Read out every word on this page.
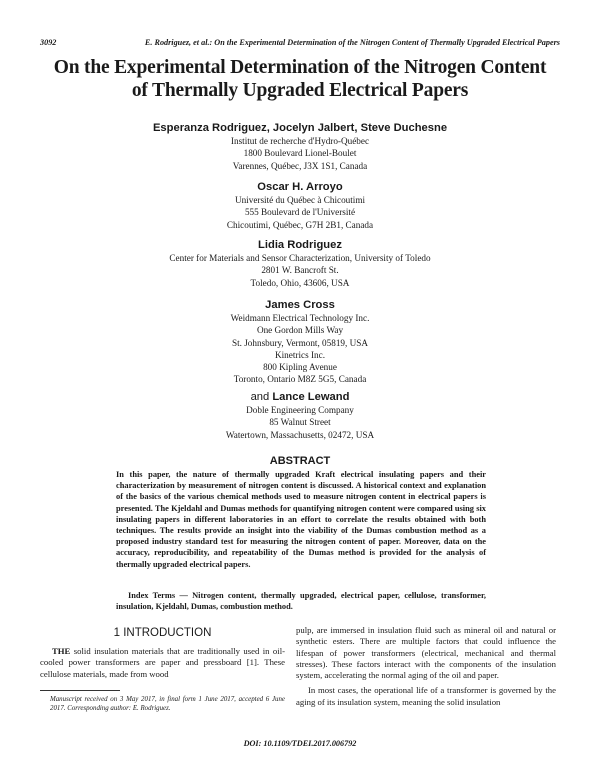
3092	E. Rodriguez, et al.: On the Experimental Determination of the Nitrogen Content of Thermally Upgraded Electrical Papers
On the Experimental Determination of the Nitrogen Content
of Thermally Upgraded Electrical Papers
Esperanza Rodriguez, Jocelyn Jalbert, Steve Duchesne
Institut de recherche d'Hydro-Québec
1800 Boulevard Lionel-Boulet
Varennes, Québec, J3X 1S1, Canada
Oscar H. Arroyo
Université du Québec à Chicoutimi
555 Boulevard de l'Université
Chicoutimi, Québec, G7H 2B1, Canada
Lidia Rodriguez
Center for Materials and Sensor Characterization, University of Toledo
2801 W. Bancroft St.
Toledo, Ohio, 43606, USA
James Cross
Weidmann Electrical Technology Inc.
One Gordon Mills Way
St. Johnsbury, Vermont, 05819, USA
Kinetrics Inc.
800 Kipling Avenue
Toronto, Ontario M8Z 5G5, Canada
and Lance Lewand
Doble Engineering Company
85 Walnut Street
Watertown, Massachusetts, 02472, USA
ABSTRACT
In this paper, the nature of thermally upgraded Kraft electrical insulating papers and their characterization by measurement of nitrogen content is discussed. A historical context and explanation of the basics of the various chemical methods used to measure nitrogen content in electrical papers is presented. The Kjeldahl and Dumas methods for quantifying nitrogen content were compared using six insulating papers in different laboratories in an effort to correlate the results obtained with both techniques. The results provide an insight into the viability of the Dumas combustion method as a proposed industry standard test for measuring the nitrogen content of paper. Moreover, data on the accuracy, reproducibility, and repeatability of the Dumas method is provided for the analysis of thermally upgraded electrical papers.
Index Terms — Nitrogen content, thermally upgraded, electrical paper, cellulose, transformer, insulation, Kjeldahl, Dumas, combustion method.
1 INTRODUCTION

THE solid insulation materials that are traditionally used in oil-cooled power transformers are paper and pressboard [1]. These cellulose materials, made from wood

Manuscript received on 3 May 2017, in final form 1 June 2017, accepted 6 June 2017. Corresponding author: E. Rodriguez.

pulp, are immersed in insulation fluid such as mineral oil and natural or synthetic esters. There are multiple factors that could influence the lifespan of power transformers (electrical, mechanical and thermal stresses). These factors interact with the components of the insulation system, accelerating the normal aging of the oil and paper.

In most cases, the operational life of a transformer is governed by the aging of its insulation system, meaning the solid insulation

DOI: 10.1109/TDEI.2017.006792
